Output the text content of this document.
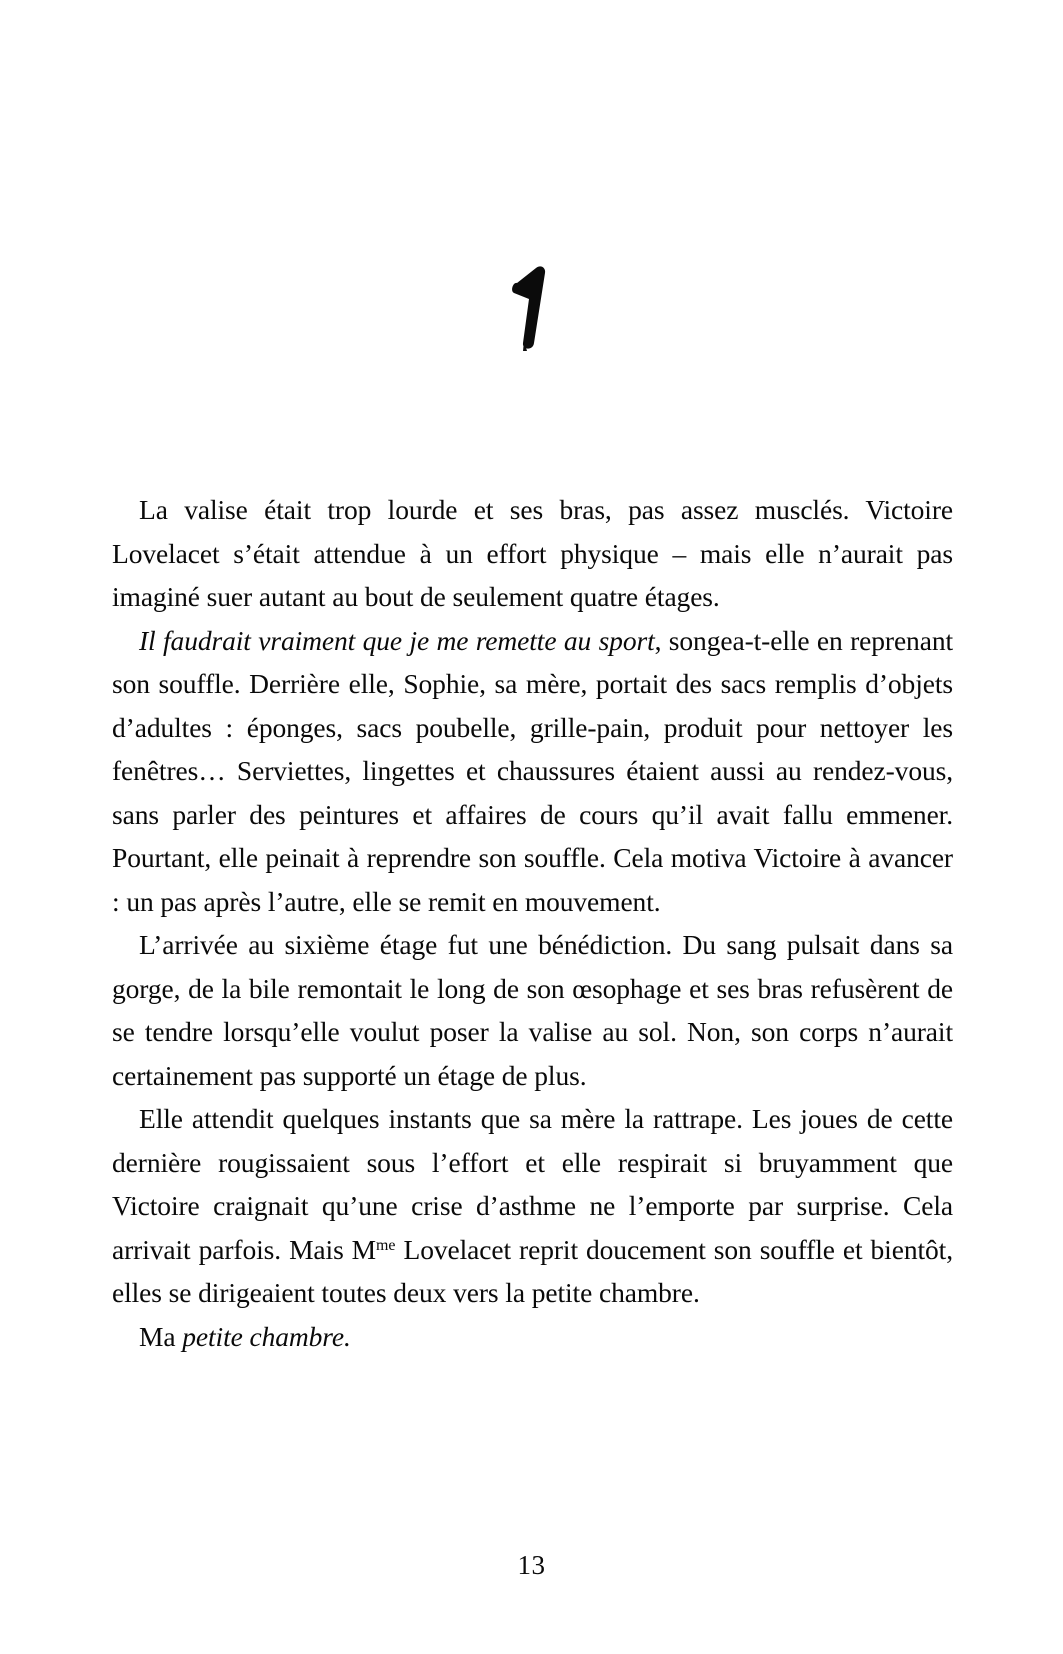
La valise était trop lourde et ses bras, pas assez musclés. Victoire Lovelacet s’était attendue à un effort physique – mais elle n’aurait pas imaginé suer autant au bout de seulement quatre étages.

Il faudrait vraiment que je me remette au sport, songea-t-elle en reprenant son souffle. Derrière elle, Sophie, sa mère, portait des sacs remplis d’objets d’adultes : éponges, sacs poubelle, grille-pain, produit pour nettoyer les fenêtres… Serviettes, lingettes et chaussures étaient aussi au rendez-vous, sans parler des peintures et affaires de cours qu’il avait fallu emmener. Pourtant, elle peinait à reprendre son souffle. Cela motiva Victoire à avancer : un pas après l’autre, elle se remit en mouvement.

L’arrivée au sixième étage fut une bénédiction. Du sang pulsait dans sa gorge, de la bile remontait le long de son œsophage et ses bras refusèrent de se tendre lorsqu’elle voulut poser la valise au sol. Non, son corps n’aurait certainement pas supporté un étage de plus.

Elle attendit quelques instants que sa mère la rattrape. Les joues de cette dernière rougissaient sous l’effort et elle respirait si bruyamment que Victoire craignait qu’une crise d’asthme ne l’emporte par surprise. Cela arrivait parfois. Mais $M^{me}$ Lovelacet reprit doucement son souffle et bientôt, elles se dirigeaient toutes deux vers la petite chambre.

Ma petite chambre.

13
